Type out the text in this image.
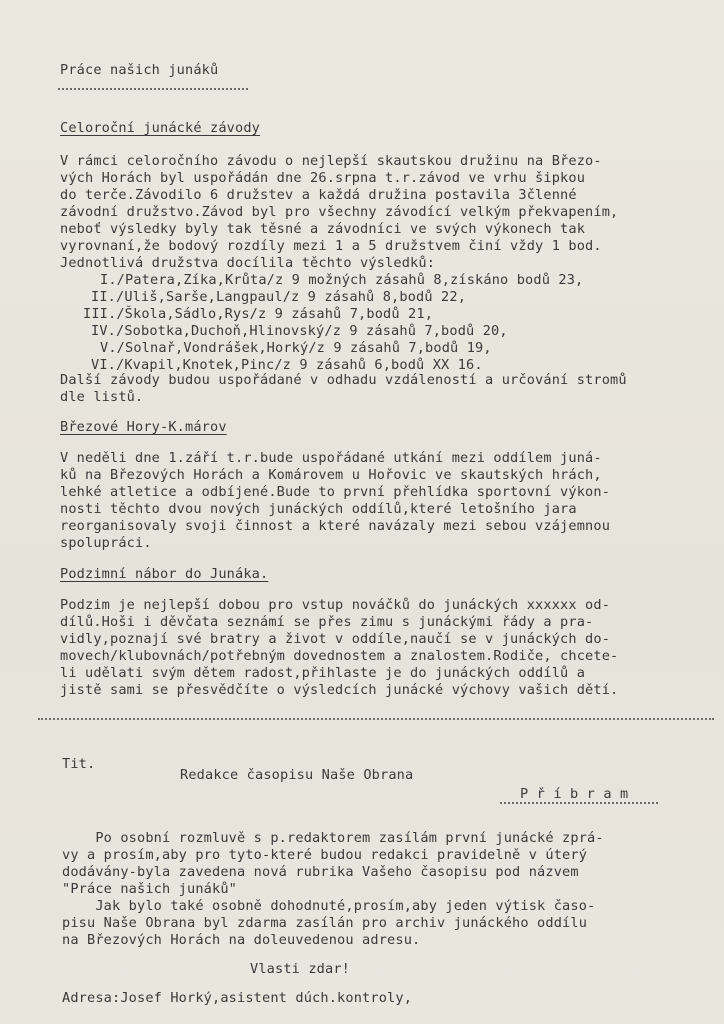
Práce našich junáků
Celoroční junácké závody
V rámci celoročního závodu o nejlepší skautskou družinu na Březo-
vých Horách byl uspořádán dne 26.srpna t.r.závod ve vrhu šipkou
do terče.Závodilo 6 družstev a každá družina postavila 3členné
závodní družstvo.Závod byl pro všechny závodící velkým překvapením,
neboť výsledky byly tak těsné a závodníci ve svých výkonech tak
vyrovnaní,že bodový rozdíly mezi 1 a 5 družstvem činí vždy 1 bod.
Jednotlivá družstva docílila těchto výsledků:
I./Patera,Zíka,Krůta/z 9 možných zásahů 8,získáno bodů 23,
II./Uliš,Sarše,Langpaul/z 9 zásahů 8,bodů 22,
III./Škola,Sádlo,Rys/z 9 zásahů 7,bodů 21,
IV./Sobotka,Duchoň,Hlinovský/z 9 zásahů 7,bodů 20,
V./Solnař,Vondrášek,Horký/z 9 zásahů 7,bodů 19,
VI./Kvapil,Knotek,Pinc/z 9 zásahů 6,bodů XX 16.
Další závody budou uspořádané v odhadu vzdáleností a určování stromů
dle listů.
Březové Hory-K.márov
V neděli dne 1.září t.r.bude uspořádané utkání mezi oddílem juná-
ků na Březových Horách a Komárovem u Hořovic ve skautských hrách,
lehké atletice a odbíjené.Bude to první přehlídka sportovní výkon-
nosti těchto dvou nových junáckých oddílů,které letošního jara
reorganisovaly svoji činnost a které navázaly mezi sebou vzájemnou
spolupráci.
Podzimní nábor do Junáka.
Podzim je nejlepší dobou pro vstup nováčků do junáckých xxxxxx od-
dílů.Hoši i děvčata seznámí se přes zimu s junáckými řády a pra-
vidly,poznají své bratry a život v oddíle,naučí se v junáckých do-
movech/klubovnách/potřebným dovednostem a znalostem.Rodiče, chcete-
li udělati svým dětem radost,přihlaste je do junáckých oddílů a
jistě sami se přesvědčíte o výsledcích junácké výchovy vašich dětí.
Tit.
Redakce časopisu Naše Obrana
P ř í b r a m
Po osobní rozmluvě s p.redaktorem zasílám první junácké zprá-
vy a prosím,aby pro tyto-které budou redakci pravidelně v úterý
dodávány-byla zavedena nová rubrika Vašeho časopisu pod názvem
"Práce našich junáků"
Jak bylo také osobně dohodnuté,prosím,aby jeden výtisk časo-
pisu Naše Obrana byl zdarma zasílán pro archiv junáckého oddílu
na Březových Horách na doleuvedenou adresu.
Vlasti zdar!
Adresa:Josef Horký,asistent dúch.kontroly,
